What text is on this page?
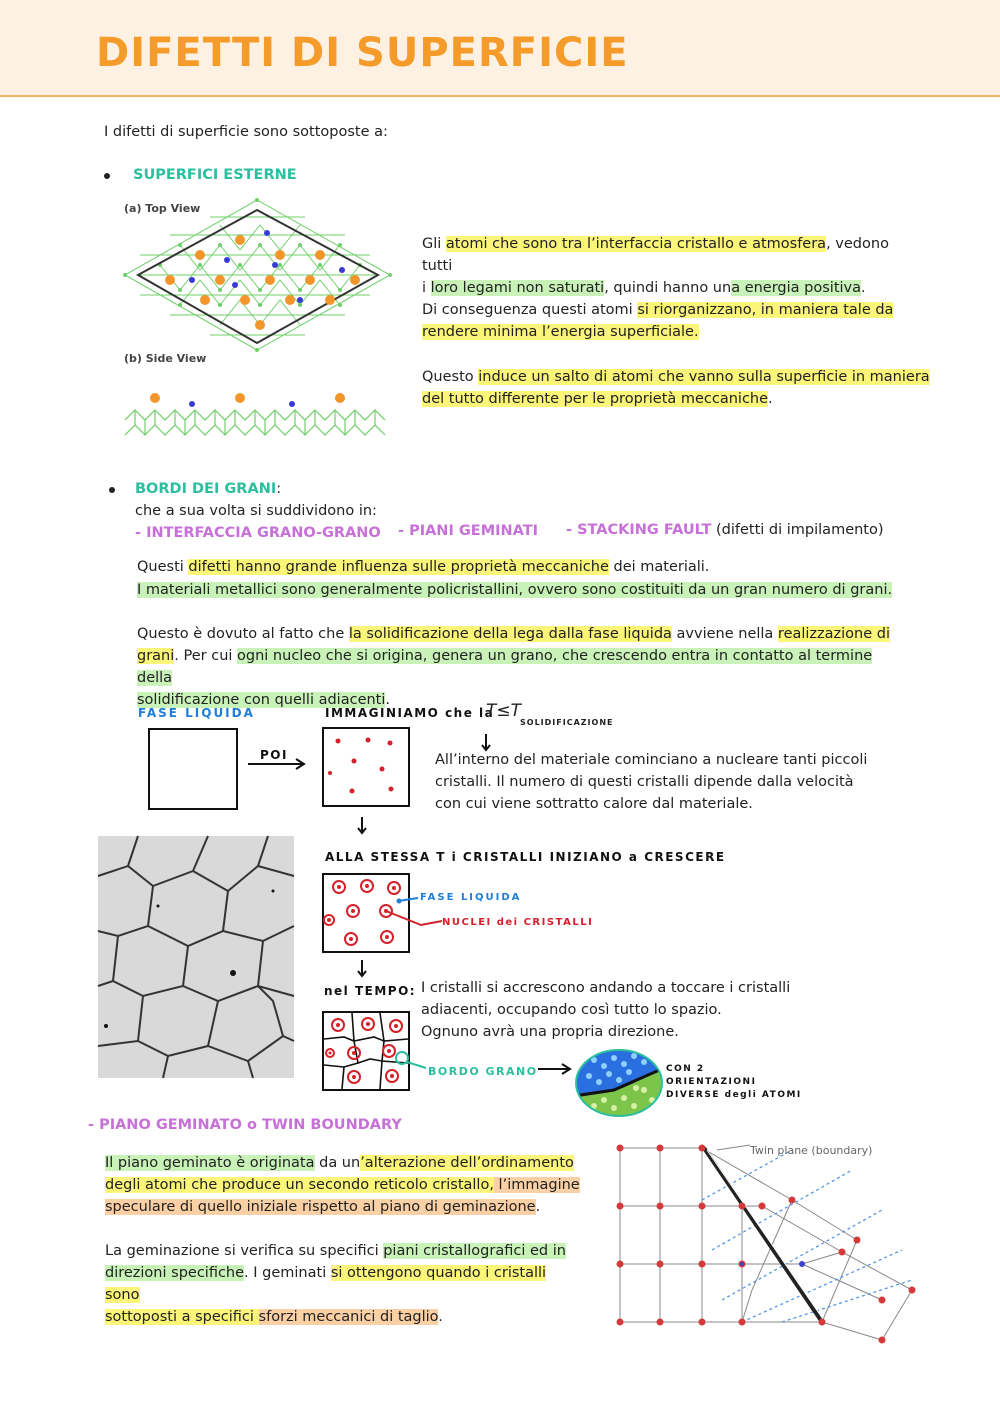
DIFETTI DI SUPERFICIE
I difetti di superficie sono sottoposte a:
SUPERFICI ESTERNE
(a) Top View
(b) Side View
Gli atomi che sono tra l’interfaccia cristallo e atmosfera, vedono tutti
i loro legami non saturati, quindi hanno una energia positiva.
Di conseguenza questi atomi si riorganizzano, in maniera tale da
rendere minima l’energia superficiale.
Questo induce un salto di atomi che vanno sulla superficie in maniera
del tutto differente per le proprietà meccaniche.
BORDI DEI GRANI:
che a sua volta si suddividono in:
- INTERFACCIA GRANO-GRANO - PIANI GEMINATI - STACKING FAULT (difetti di impilamento)
Questi difetti hanno grande influenza sulle proprietà meccaniche dei materiali.
I materiali metallici sono generalmente policristallini, ovvero sono costituiti da un gran numero di grani.
Questo è dovuto al fatto che la solidificazione della lega dalla fase liquida avviene nella realizzazione di
grani. Per cui ogni nucleo che si origina, genera un grano, che crescendo entra in contatto al termine della
solidificazione con quelli adiacenti.
FASE LIQUIDA
POI
IMMAGINIAMO che la
T≤T
SOLIDIFICAZIONE
All’interno del materiale cominciano a nucleare tanti piccoli
cristalli. Il numero di questi cristalli dipende dalla velocità
con cui viene sottratto calore dal materiale.
ALLA STESSA T i CRISTALLI INIZIANO a CRESCERE
FASE LIQUIDA
NUCLEI dei CRISTALLI
nel TEMPO:
BORDO GRANO	CON 2
ORIENTAZIONI
DIVERSE degli ATOMI
I cristalli si accrescono andando a toccare i cristalli
adiacenti, occupando così tutto lo spazio.
Ognuno avrà una propria direzione.
- PIANO GEMINATO o TWIN BOUNDARY
Il piano geminato è originata da un’alterazione dell’ordinamento
degli atomi che produce un secondo reticolo cristallo, l’immagine
speculare di quello iniziale rispetto al piano di geminazione.
La geminazione si verifica su specifici piani cristallografici ed in
direzioni specifiche. I geminati si ottengono quando i cristalli sono
sottoposti a specifici sforzi meccanici di taglio.
Twin plane (boundary)
